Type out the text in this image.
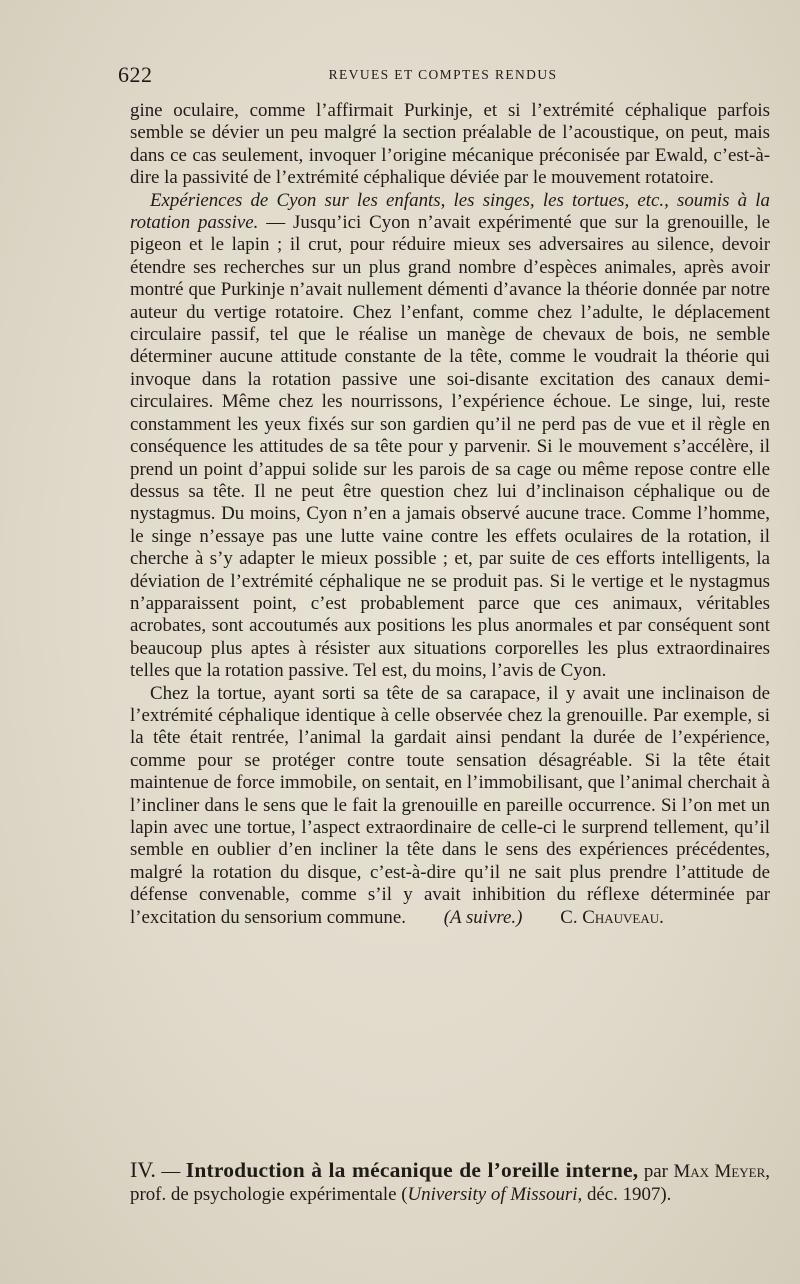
622	REVUES ET COMPTES RENDUS

gine oculaire, comme l’affirmait Purkinje, et si l’extrémité céphalique parfois semble se dévier un peu malgré la section préalable de l’acoustique, on peut, mais dans ce cas seulement, invoquer l’origine mécanique préconisée par Ewald, c’est-à-dire la passivité de l’extrémité céphalique déviée par le mouvement rotatoire.

Expériences de Cyon sur les enfants, les singes, les tortues, etc., soumis à la rotation passive. — Jusqu’ici Cyon n’avait expérimenté que sur la grenouille, le pigeon et le lapin ; il crut, pour réduire mieux ses adversaires au silence, devoir étendre ses recherches sur un plus grand nombre d’espèces animales, après avoir montré que Purkinje n’avait nullement démenti d’avance la théorie donnée par notre auteur du vertige rotatoire. Chez l’enfant, comme chez l’adulte, le déplacement circulaire passif, tel que le réalise un manège de chevaux de bois, ne semble déterminer aucune attitude constante de la tête, comme le voudrait la théorie qui invoque dans la rotation passive une soi-disante excitation des canaux demi-circulaires. Même chez les nourrissons, l’expérience échoue. Le singe, lui, reste constamment les yeux fixés sur son gardien qu’il ne perd pas de vue et il règle en conséquence les attitudes de sa tête pour y parvenir. Si le mouvement s’accélère, il prend un point d’appui solide sur les parois de sa cage ou même repose contre elle dessus sa tête. Il ne peut être question chez lui d’inclinaison céphalique ou de nystagmus. Du moins, Cyon n’en a jamais observé aucune trace. Comme l’homme, le singe n’essaye pas une lutte vaine contre les effets oculaires de la rotation, il cherche à s’y adapter le mieux possible ; et, par suite de ces efforts intelligents, la déviation de l’extrémité céphalique ne se produit pas. Si le vertige et le nystagmus n’apparaissent point, c’est probablement parce que ces animaux, véritables acrobates, sont accoutumés aux positions les plus anormales et par conséquent sont beaucoup plus aptes à résister aux situations corporelles les plus extraordinaires telles que la rotation passive. Tel est, du moins, l’avis de Cyon.

Chez la tortue, ayant sorti sa tête de sa carapace, il y avait une inclinaison de l’extrémité céphalique identique à celle observée chez la grenouille. Par exemple, si la tête était rentrée, l’animal la gardait ainsi pendant la durée de l’expérience, comme pour se protéger contre toute sensation désagréable. Si la tête était maintenue de force immobile, on sentait, en l’immobilisant, que l’animal cherchait à l’incliner dans le sens que le fait la grenouille en pareille occurrence. Si l’on met un lapin avec une tortue, l’aspect extraordinaire de celle-ci le surprend tellement, qu’il semble en oublier d’en incliner la tête dans le sens des expériences précédentes, malgré la rotation du disque, c’est-à-dire qu’il ne sait plus prendre l’attitude de défense convenable, comme s’il y avait inhibition du réflexe déterminée par l’excitation du sensorium commune. (A suivre.) C. Chauveau.

IV. — Introduction à la mécanique de l’oreille interne, par Max Meyer, prof. de psychologie expérimentale (University of Missouri, déc. 1907).
